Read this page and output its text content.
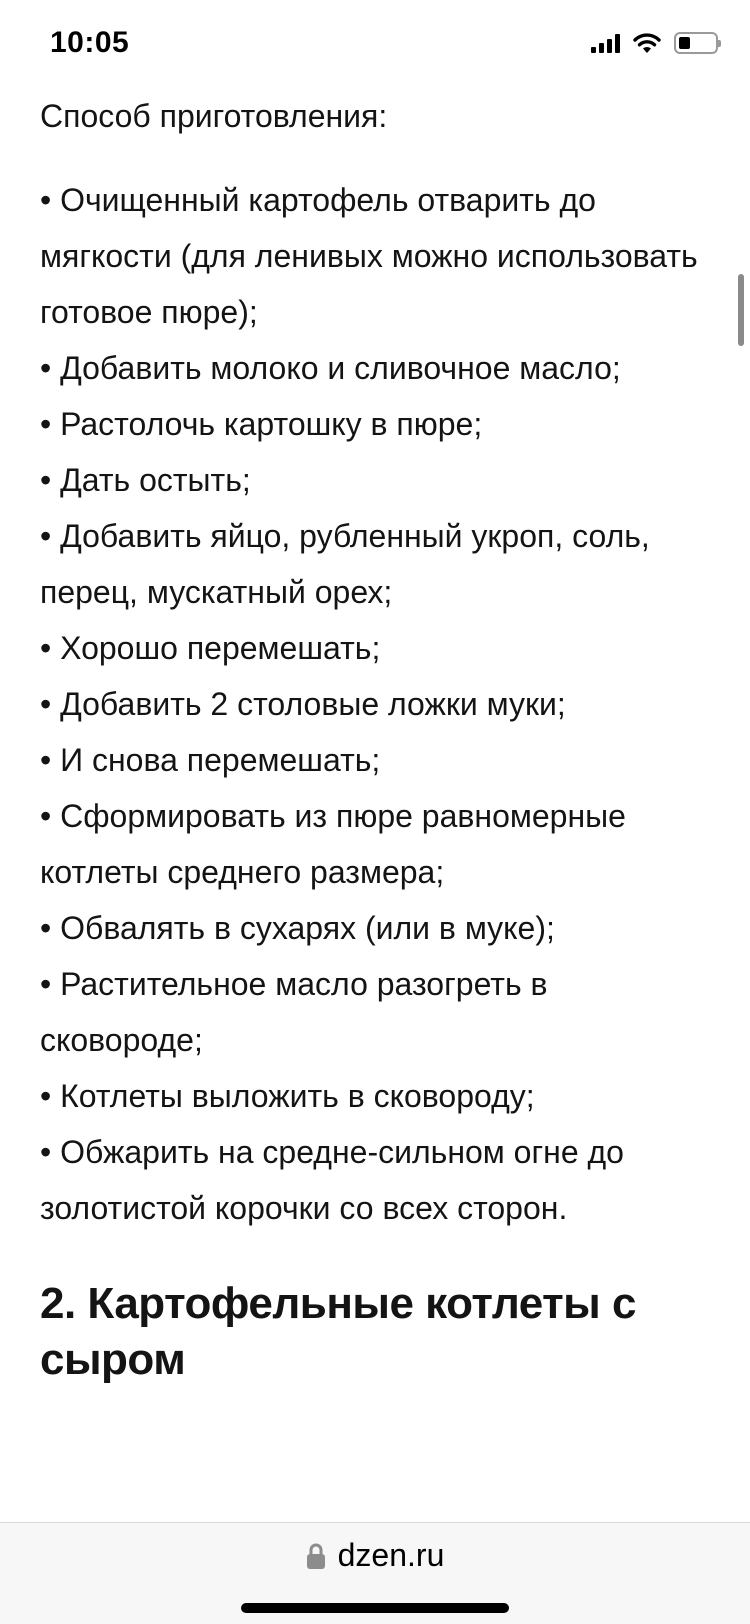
10:05
Способ приготовления:
• Очищенный картофель отварить до мягкости (для ленивых можно использовать готовое пюре);
• Добавить молоко и сливочное масло;
• Растолочь картошку в пюре;
• Дать остыть;
• Добавить яйцо, рубленный укроп, соль, перец, мускатный орех;
• Хорошо перемешать;
• Добавить 2 столовые ложки муки;
• И снова перемешать;
• Сформировать из пюре равномерные котлеты среднего размера;
• Обвалять в сухарях (или в муке);
• Растительное масло разогреть в сковороде;
• Котлеты выложить в сковороду;
• Обжарить на средне-сильном огне до золотистой корочки со всех сторон.
2. Картофельные котлеты с сыром
dzen.ru
